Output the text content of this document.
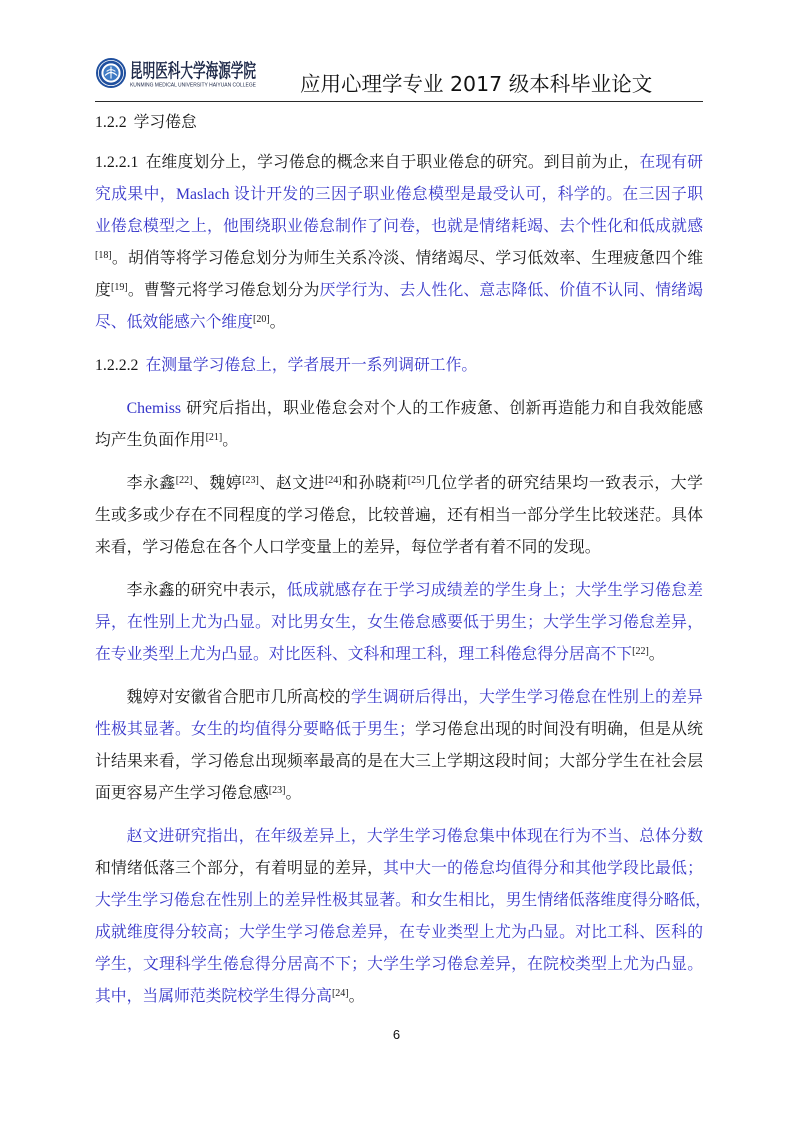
昆明医科大学海源学院
KUNMING MEDICAL UNIVERSITY HAIYUAN COLLEGE 应用心理学专业 2017 级本科毕业论文
1.2.2 学习倦怠
1.2.2.1 在维度划分上，学习倦怠的概念来自于职业倦怠的研究。到目前为止，在现有研
究成果中，Maslach 设计开发的三因子职业倦怠模型是最受认可，科学的。在三因子职
业倦怠模型之上，他围绕职业倦怠制作了问卷，也就是情绪耗竭、去个性化和低成就感
[18]。胡俏等将学习倦怠划分为师生关系冷淡、情绪竭尽、学习低效率、生理疲惫四个维
度[19]。曹警元将学习倦怠划分为厌学行为、去人性化、意志降低、价值不认同、情绪竭
尽、低效能感六个维度[20]。
1.2.2.2 在测量学习倦怠上，学者展开一系列调研工作。
Chemiss 研究后指出，职业倦怠会对个人的工作疲惫、创新再造能力和自我效能感
均产生负面作用[21]。
李永鑫[22]、魏婷[23]、赵文进[24]和孙晓莉[25]几位学者的研究结果均一致表示，大学
生或多或少存在不同程度的学习倦怠，比较普遍，还有相当一部分学生比较迷茫。具体
来看，学习倦怠在各个人口学变量上的差异，每位学者有着不同的发现。
李永鑫的研究中表示，低成就感存在于学习成绩差的学生身上；大学生学习倦怠差
异，在性别上尤为凸显。对比男女生，女生倦怠感要低于男生；大学生学习倦怠差异，
在专业类型上尤为凸显。对比医科、文科和理工科，理工科倦怠得分居高不下[22]。
魏婷对安徽省合肥市几所高校的学生调研后得出，大学生学习倦怠在性别上的差异
性极其显著。女生的均值得分要略低于男生；学习倦怠出现的时间没有明确，但是从统
计结果来看，学习倦怠出现频率最高的是在大三上学期这段时间；大部分学生在社会层
面更容易产生学习倦怠感[23]。
赵文进研究指出，在年级差异上，大学生学习倦怠集中体现在行为不当、总体分数
和情绪低落三个部分，有着明显的差异，其中大一的倦怠均值得分和其他学段比最低；
大学生学习倦怠在性别上的差异性极其显著。和女生相比，男生情绪低落维度得分略低，
成就维度得分较高；大学生学习倦怠差异，在专业类型上尤为凸显。对比工科、医科的
学生，文理科学生倦怠得分居高不下；大学生学习倦怠差异，在院校类型上尤为凸显。
其中，当属师范类院校学生得分高[24]。
6
